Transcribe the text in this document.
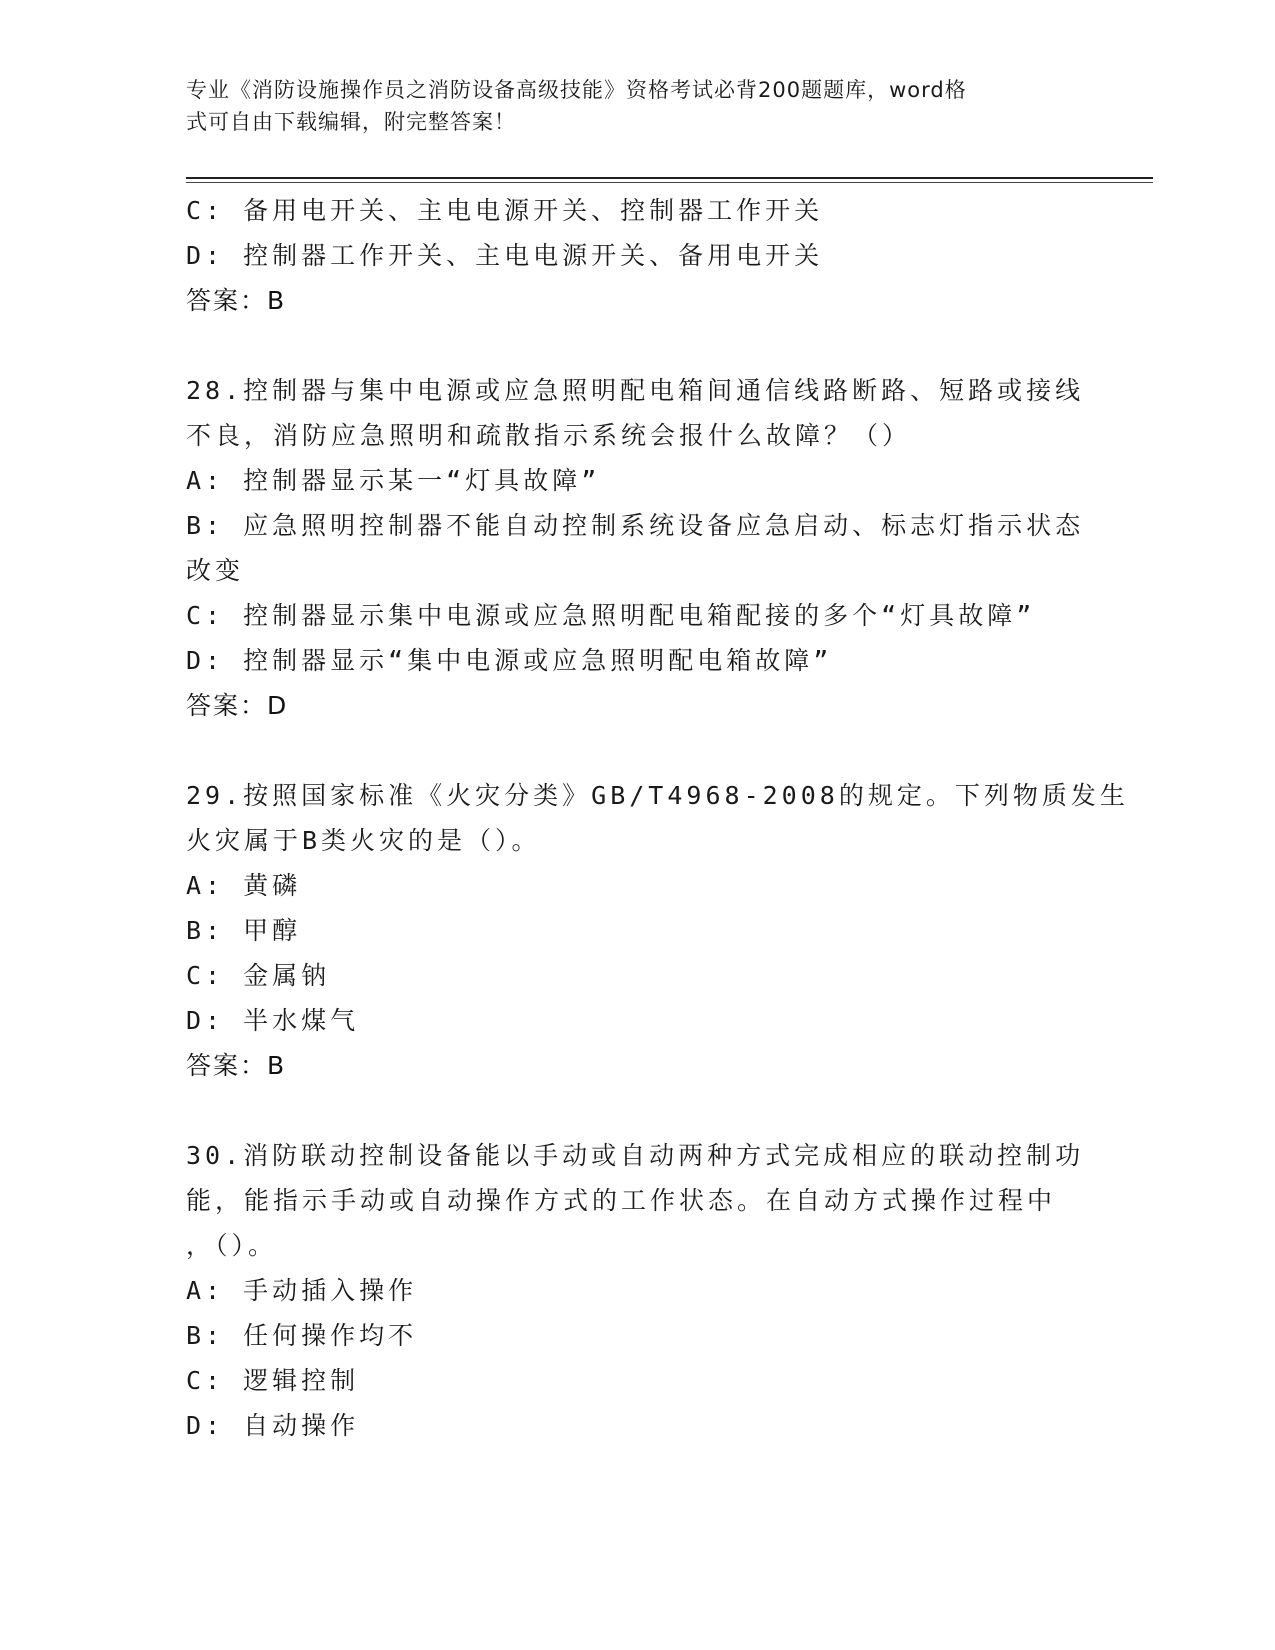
专业《消防设施操作员之消防设备高级技能》资格考试必背200题题库，word格
式可自由下载编辑，附完整答案！
C: 备用电开关、主电电源开关、控制器工作开关
D: 控制器工作开关、主电电源开关、备用电开关
答案：B
28.控制器与集中电源或应急照明配电箱间通信线路断路、短路或接线
不良，消防应急照明和疏散指示系统会报什么故障？（）
A: 控制器显示某一“灯具故障”
B: 应急照明控制器不能自动控制系统设备应急启动、标志灯指示状态
改变
C: 控制器显示集中电源或应急照明配电箱配接的多个“灯具故障”
D: 控制器显示“集中电源或应急照明配电箱故障”
答案：D
29.按照国家标准《火灾分类》GB/T4968-2008的规定。下列物质发生
火灾属于B类火灾的是（）。
A: 黄磷
B: 甲醇
C: 金属钠
D: 半水煤气
答案：B
30.消防联动控制设备能以手动或自动两种方式完成相应的联动控制功
能，能指示手动或自动操作方式的工作状态。在自动方式操作过程中
，（）。
A: 手动插入操作
B: 任何操作均不
C: 逻辑控制
D: 自动操作
